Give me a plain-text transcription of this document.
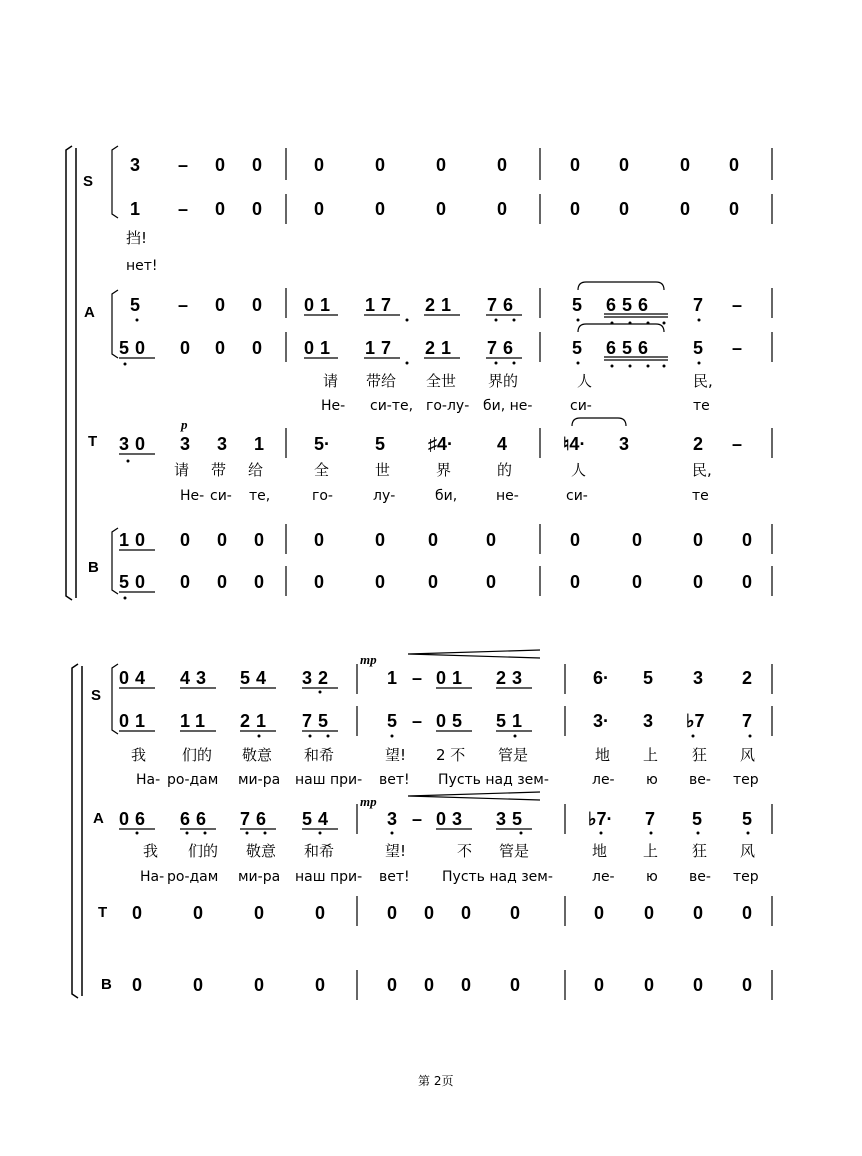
S
A
T
B
3 – 0 0	0	0	0	0	0 0	0 0
1 – 0 0	0	0	0	0	0 0	0 0
挡!
нет!
5 – 0 0 01 17 21 76	5 656 7 –
50 0 0 0 01 17 21 76	5 656 5 –
请 带给 全世 界的	人	民,
Не- си-те, го-лу- би, не-	си-	те
p
30 3 3 1	5· 5 ♯4· 4	♮4· 3	2 –
请 带 给	全	世	界	的	人	民,
Не- си- те,	го-	лу-	би,	не-	си-	те
10 0 0 0	0	0 0	0	0	0	0 0
50 0 0 0	0	0 0	0	0	0	0 0
S
A
T
B
mp
mp
04 43 54 32	1 – 01 23	6· 5 3 2
01 11 21 75	5 – 05 51	3· 3 ♭7 7
我 们的 敬意 和希	望! 2 不 管是	地 上 狂 风
На- ро-дам ми-ра наш при- вет! Пусть над зем-	ле- ю ве- тер
06 66 76 54	3 – 03 35	♭7· 7 5 5
我 们的 敬意 和希	望!	不 管是	地 上 狂 风
На- ро-дам ми-ра наш при- вет! Пусть над зем-	ле- ю ве- тер
0	0	0	0	0 0 0 0	0 0 0 0
0	0	0	0	0 0 0 0	0 0 0 0
第 2页
